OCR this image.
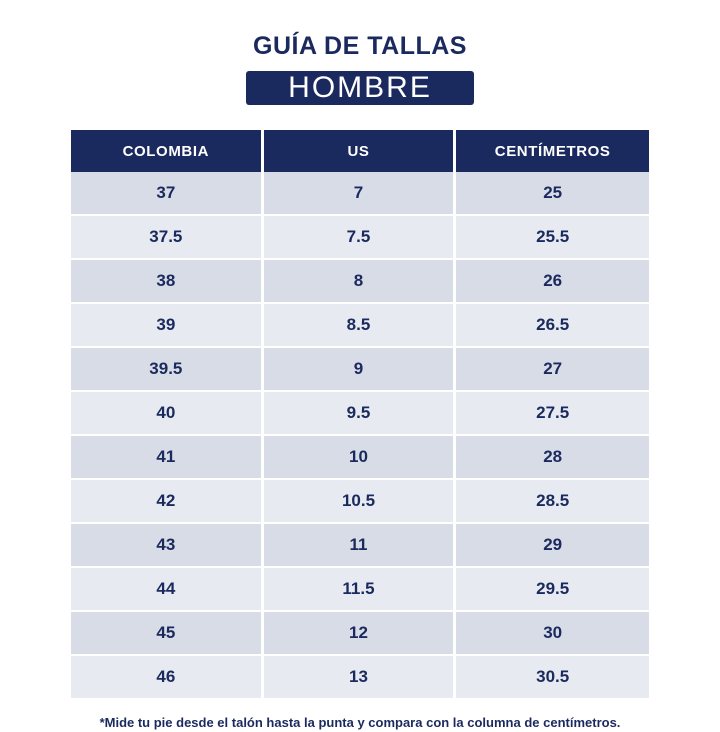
GUÍA DE TALLAS
HOMBRE
COLOMBIA	US	CENTÍMETROS
37	7	25
37.5	7.5	25.5
38	8	26
39	8.5	26.5
39.5	9	27
40	9.5	27.5
41	10	28
42	10.5	28.5
43	11	29
44	11.5	29.5
45	12	30
46	13	30.5
*Mide tu pie desde el talón hasta la punta y compara con la columna de centímetros.
